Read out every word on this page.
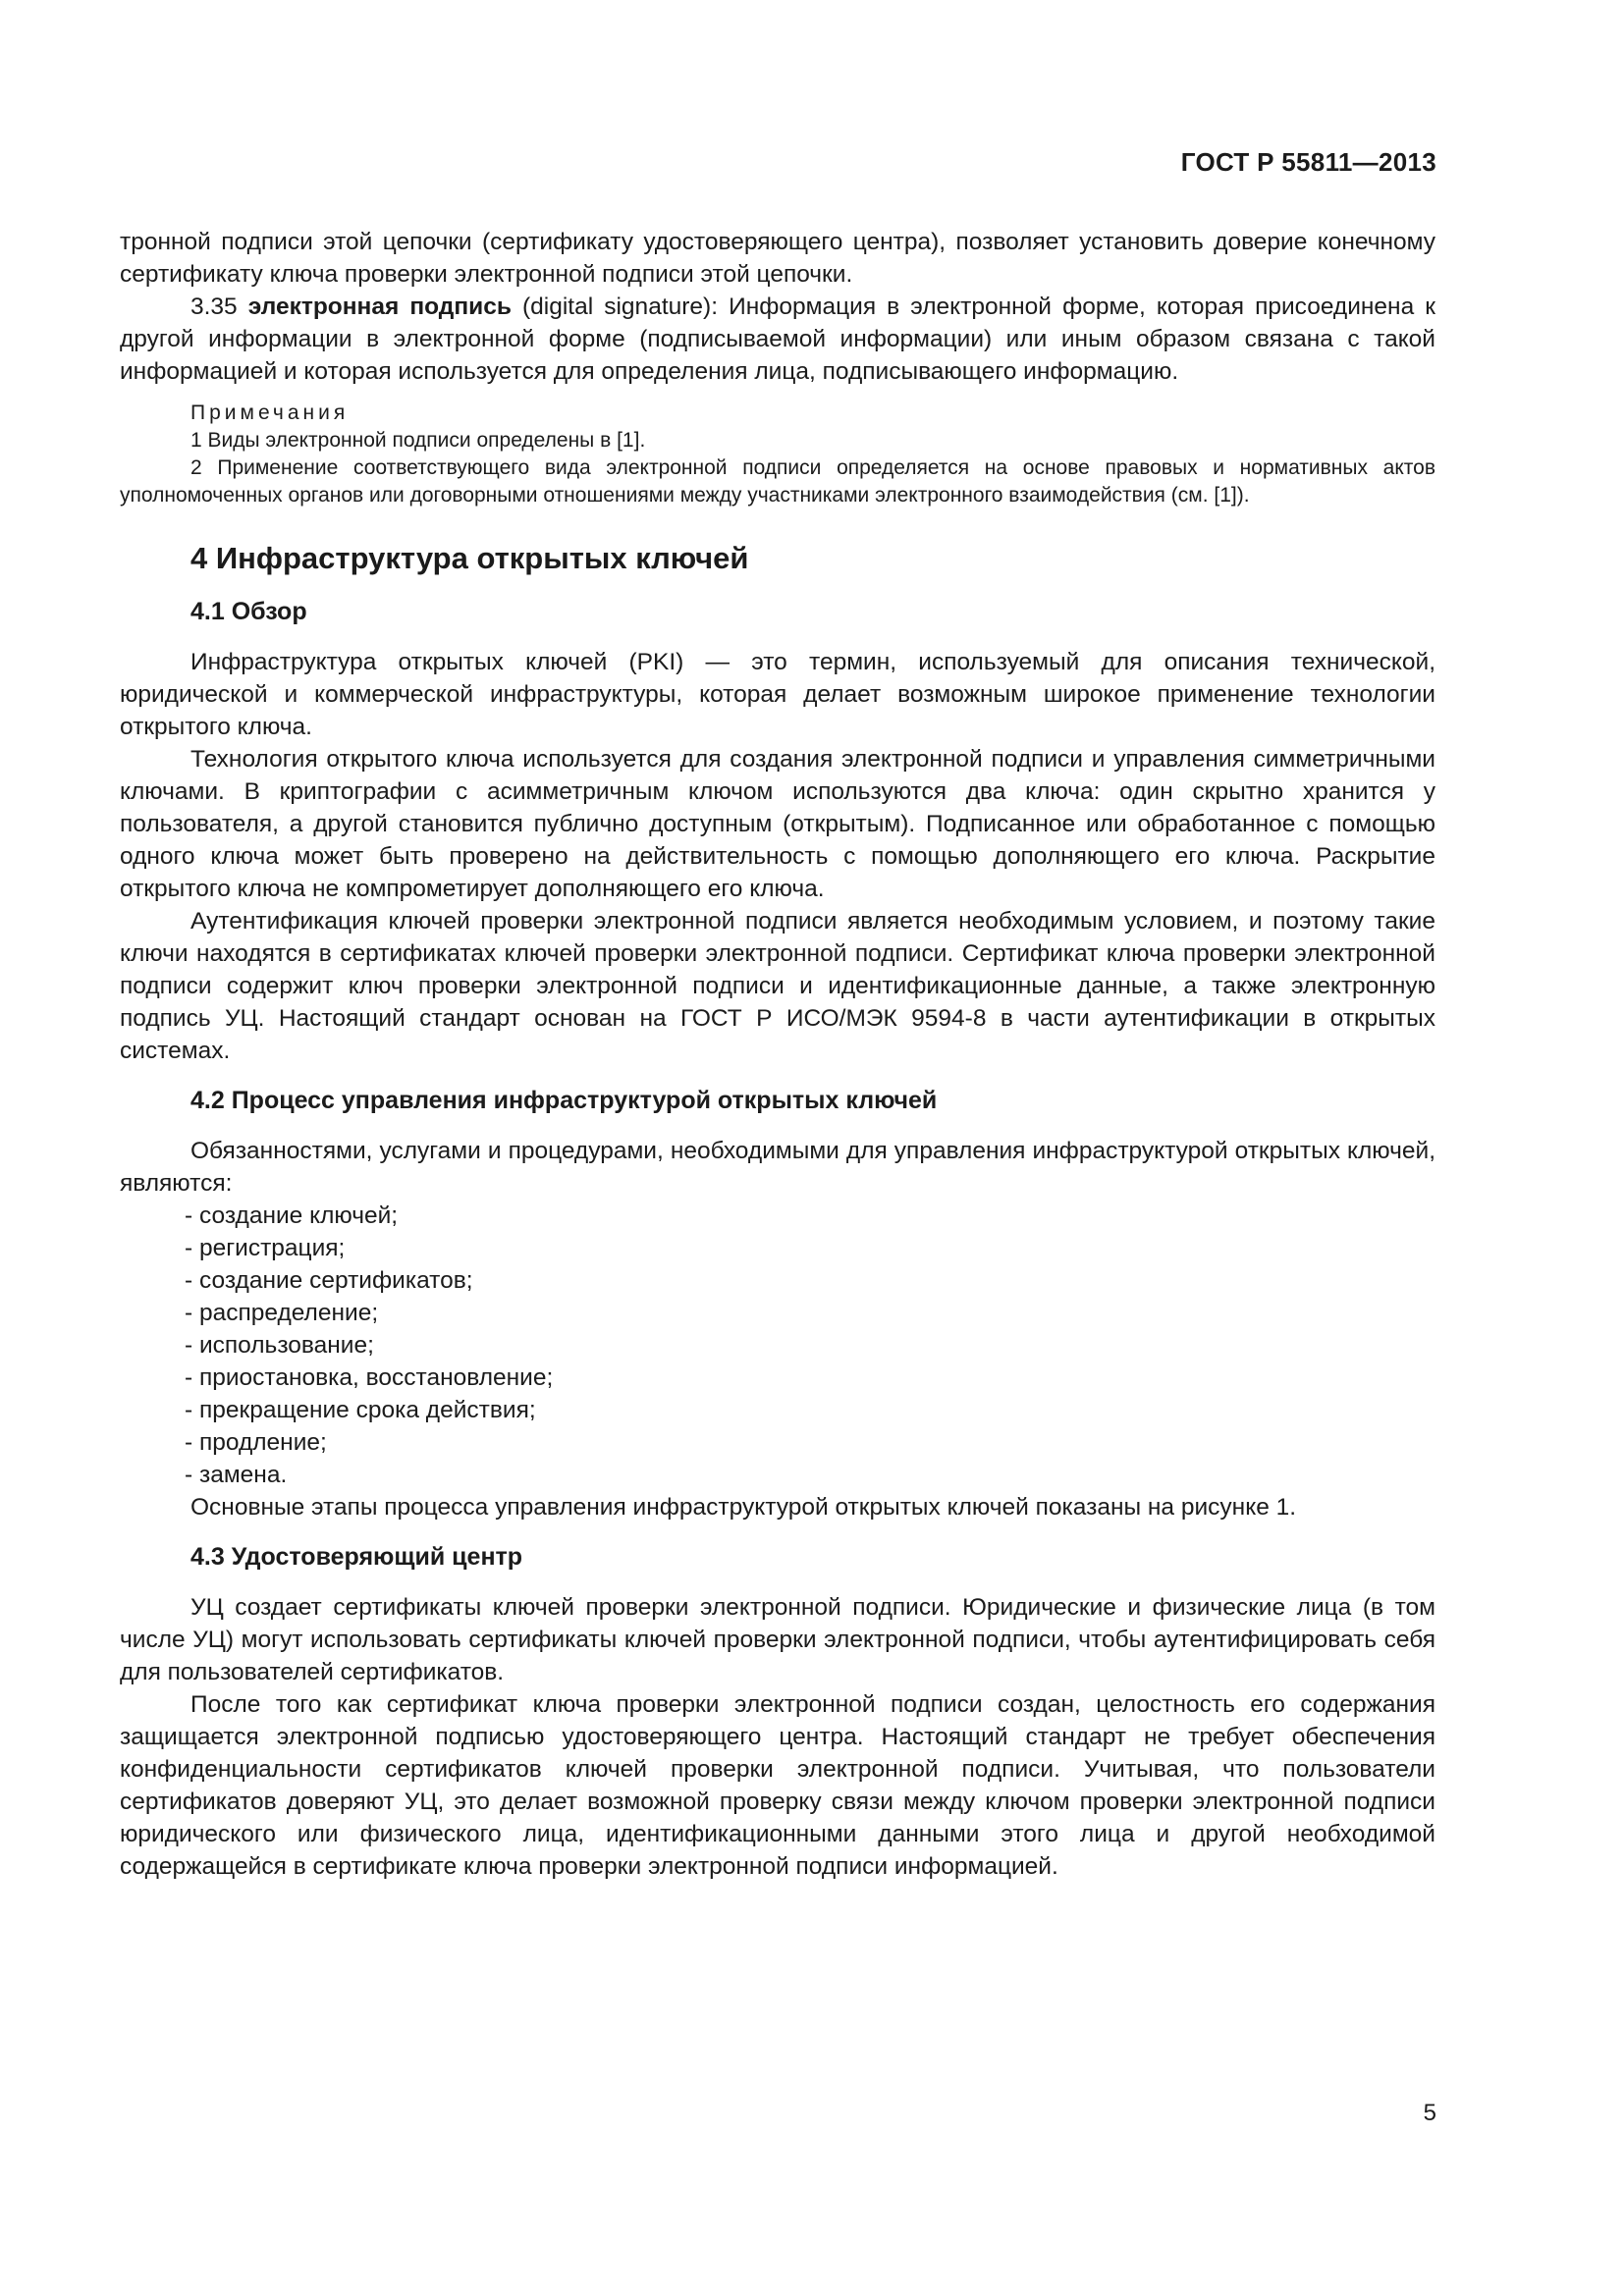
ГОСТ Р 55811—2013

тронной подписи этой цепочки (сертификату удостоверяющего центра), позволяет установить доверие конечному сертификату ключа проверки электронной подписи этой цепочки.

3.35 электронная подпись (digital signature): Информация в электронной форме, которая присоединена к другой информации в электронной форме (подписываемой информации) или иным образом связана с такой информацией и которая используется для определения лица, подписывающего информацию.

Примечания

1 Виды электронной подписи определены в [1].

2 Применение соответствующего вида электронной подписи определяется на основе правовых и нормативных актов уполномоченных органов или договорными отношениями между участниками электронного взаимодействия (см. [1]).

4 Инфраструктура открытых ключей
4.1 Обзор

Инфраструктура открытых ключей (PKI) — это термин, используемый для описания технической, юридической и коммерческой инфраструктуры, которая делает возможным широкое применение технологии открытого ключа.

Технология открытого ключа используется для создания электронной подписи и управления симметричными ключами. В криптографии с асимметричным ключом используются два ключа: один скрытно хранится у пользователя, а другой становится публично доступным (открытым). Подписанное или обработанное с помощью одного ключа может быть проверено на действительность с помощью дополняющего его ключа. Раскрытие открытого ключа не компрометирует дополняющего его ключа.

Аутентификация ключей проверки электронной подписи является необходимым условием, и поэтому такие ключи находятся в сертификатах ключей проверки электронной подписи. Сертификат ключа проверки электронной подписи содержит ключ проверки электронной подписи и идентификационные данные, а также электронную подпись УЦ. Настоящий стандарт основан на ГОСТ Р ИСО/МЭК 9594-8 в части аутентификации в открытых системах.

4.2 Процесс управления инфраструктурой открытых ключей

Обязанностями, услугами и процедурами, необходимыми для управления инфраструктурой открытых ключей, являются:

- создание ключей;

- регистрация;

- создание сертификатов;

- распределение;

- использование;

- приостановка, восстановление;

- прекращение срока действия;

- продление;

- замена.

Основные этапы процесса управления инфраструктурой открытых ключей показаны на рисунке 1.

4.3 Удостоверяющий центр

УЦ создает сертификаты ключей проверки электронной подписи. Юридические и физические лица (в том числе УЦ) могут использовать сертификаты ключей проверки электронной подписи, чтобы аутентифицировать себя для пользователей сертификатов.

После того как сертификат ключа проверки электронной подписи создан, целостность его содержания защищается электронной подписью удостоверяющего центра. Настоящий стандарт не требует обеспечения конфиденциальности сертификатов ключей проверки электронной подписи. Учитывая, что пользователи сертификатов доверяют УЦ, это делает возможной проверку связи между ключом проверки электронной подписи юридического или физического лица, идентификационными данными этого лица и другой необходимой содержащейся в сертификате ключа проверки электронной подписи информацией.

5
